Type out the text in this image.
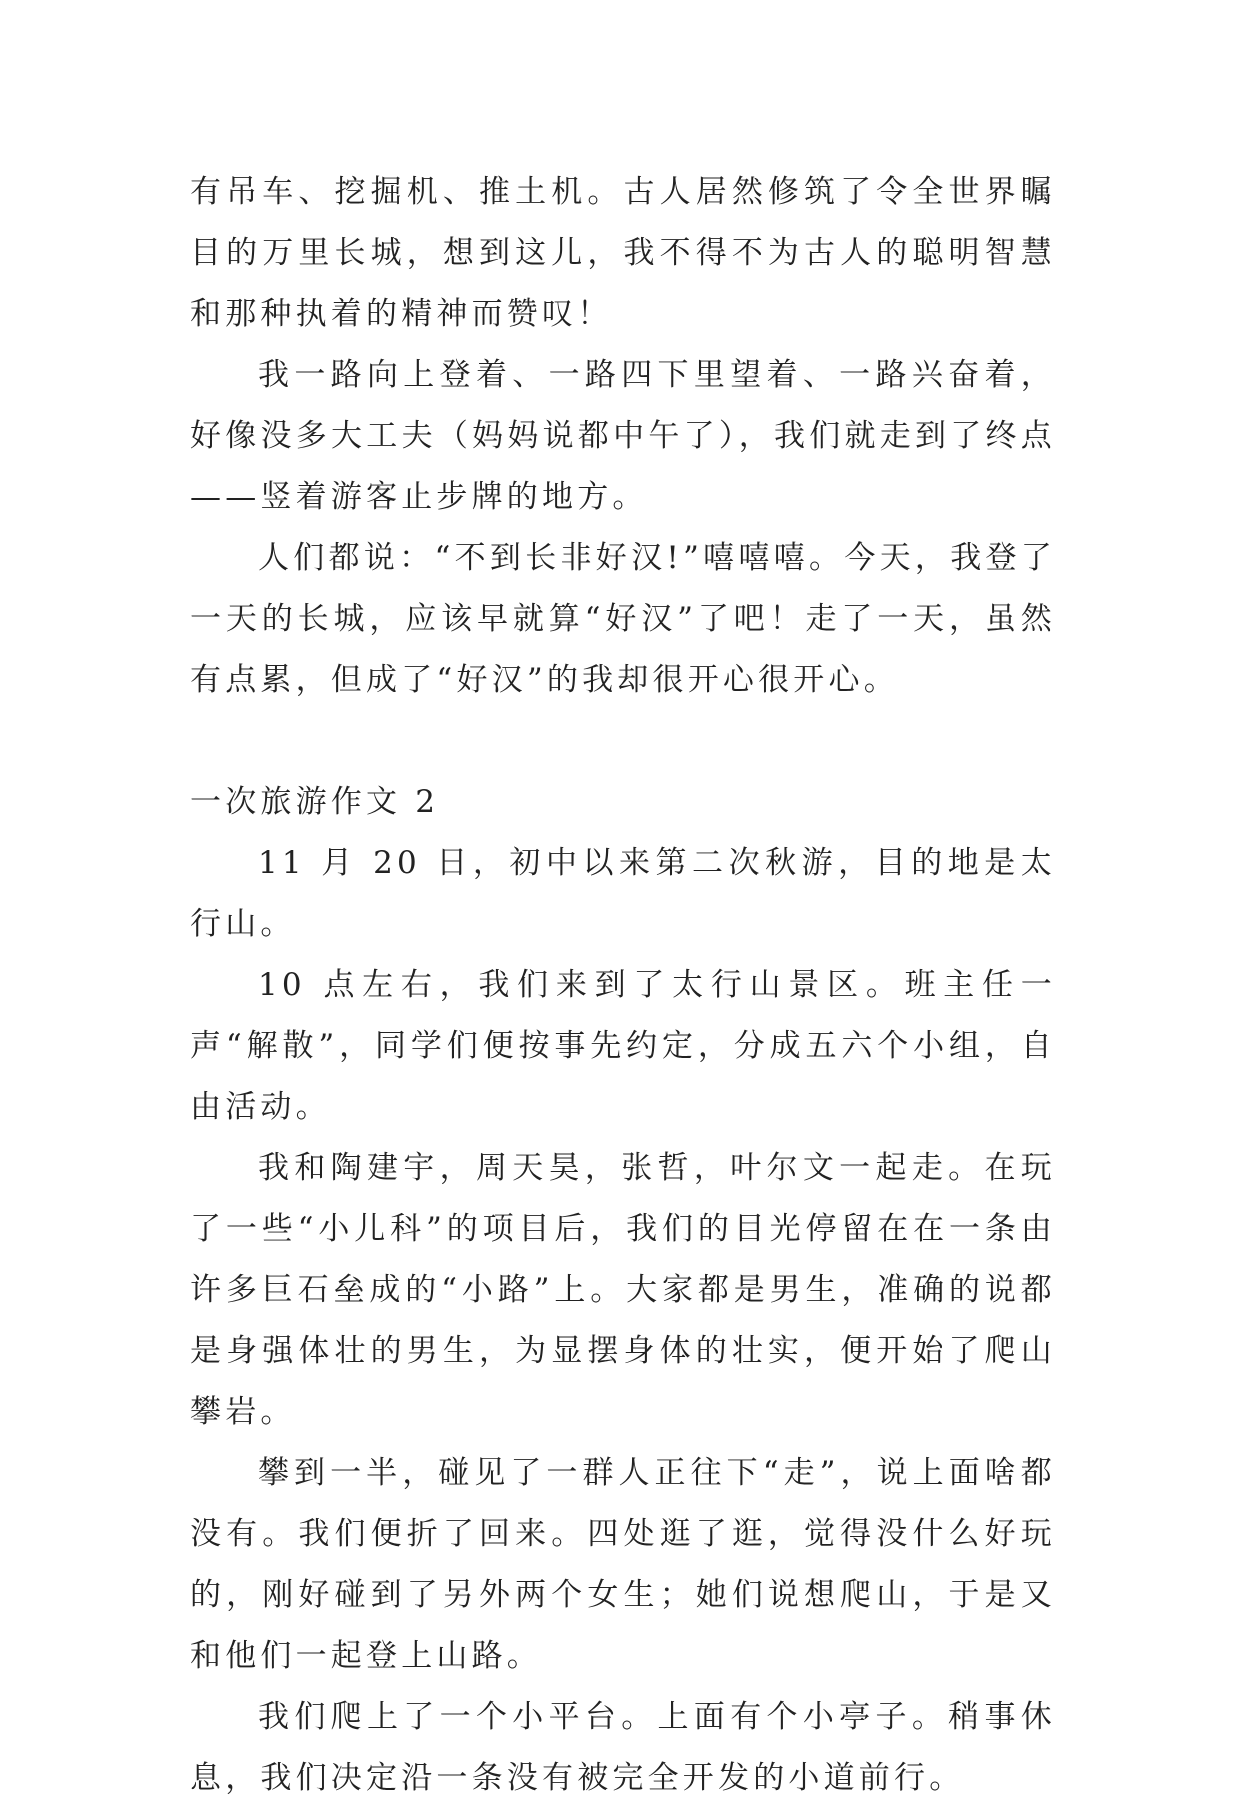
有吊车、挖掘机、推土机。古人居然修筑了令全世界瞩目的万里长城，想到这儿，我不得不为古人的聪明智慧和那种执着的精神而赞叹！

我一路向上登着、一路四下里望着、一路兴奋着，好像没多大工夫（妈妈说都中午了），我们就走到了终点——竖着游客止步牌的地方。

人们都说：“不到长非好汉!”嘻嘻嘻。今天，我登了一天的长城，应该早就算“好汉”了吧！走了一天，虽然有点累，但成了“好汉”的我却很开心很开心。

一次旅游作文 2

11 月 20 日，初中以来第二次秋游，目的地是太行山。

10 点左右，我们来到了太行山景区。班主任一声“解散”，同学们便按事先约定，分成五六个小组，自由活动。

我和陶建宇，周天昊，张哲，叶尔文一起走。在玩了一些“小儿科”的项目后，我们的目光停留在在一条由许多巨石垒成的“小路”上。大家都是男生，准确的说都是身强体壮的男生，为显摆身体的壮实，便开始了爬山攀岩。

攀到一半，碰见了一群人正往下“走”，说上面啥都没有。我们便折了回来。四处逛了逛，觉得没什么好玩的，刚好碰到了另外两个女生；她们说想爬山，于是又和他们一起登上山路。

我们爬上了一个小平台。上面有个小亭子。稍事休息，我们决定沿一条没有被完全开发的小道前行。
